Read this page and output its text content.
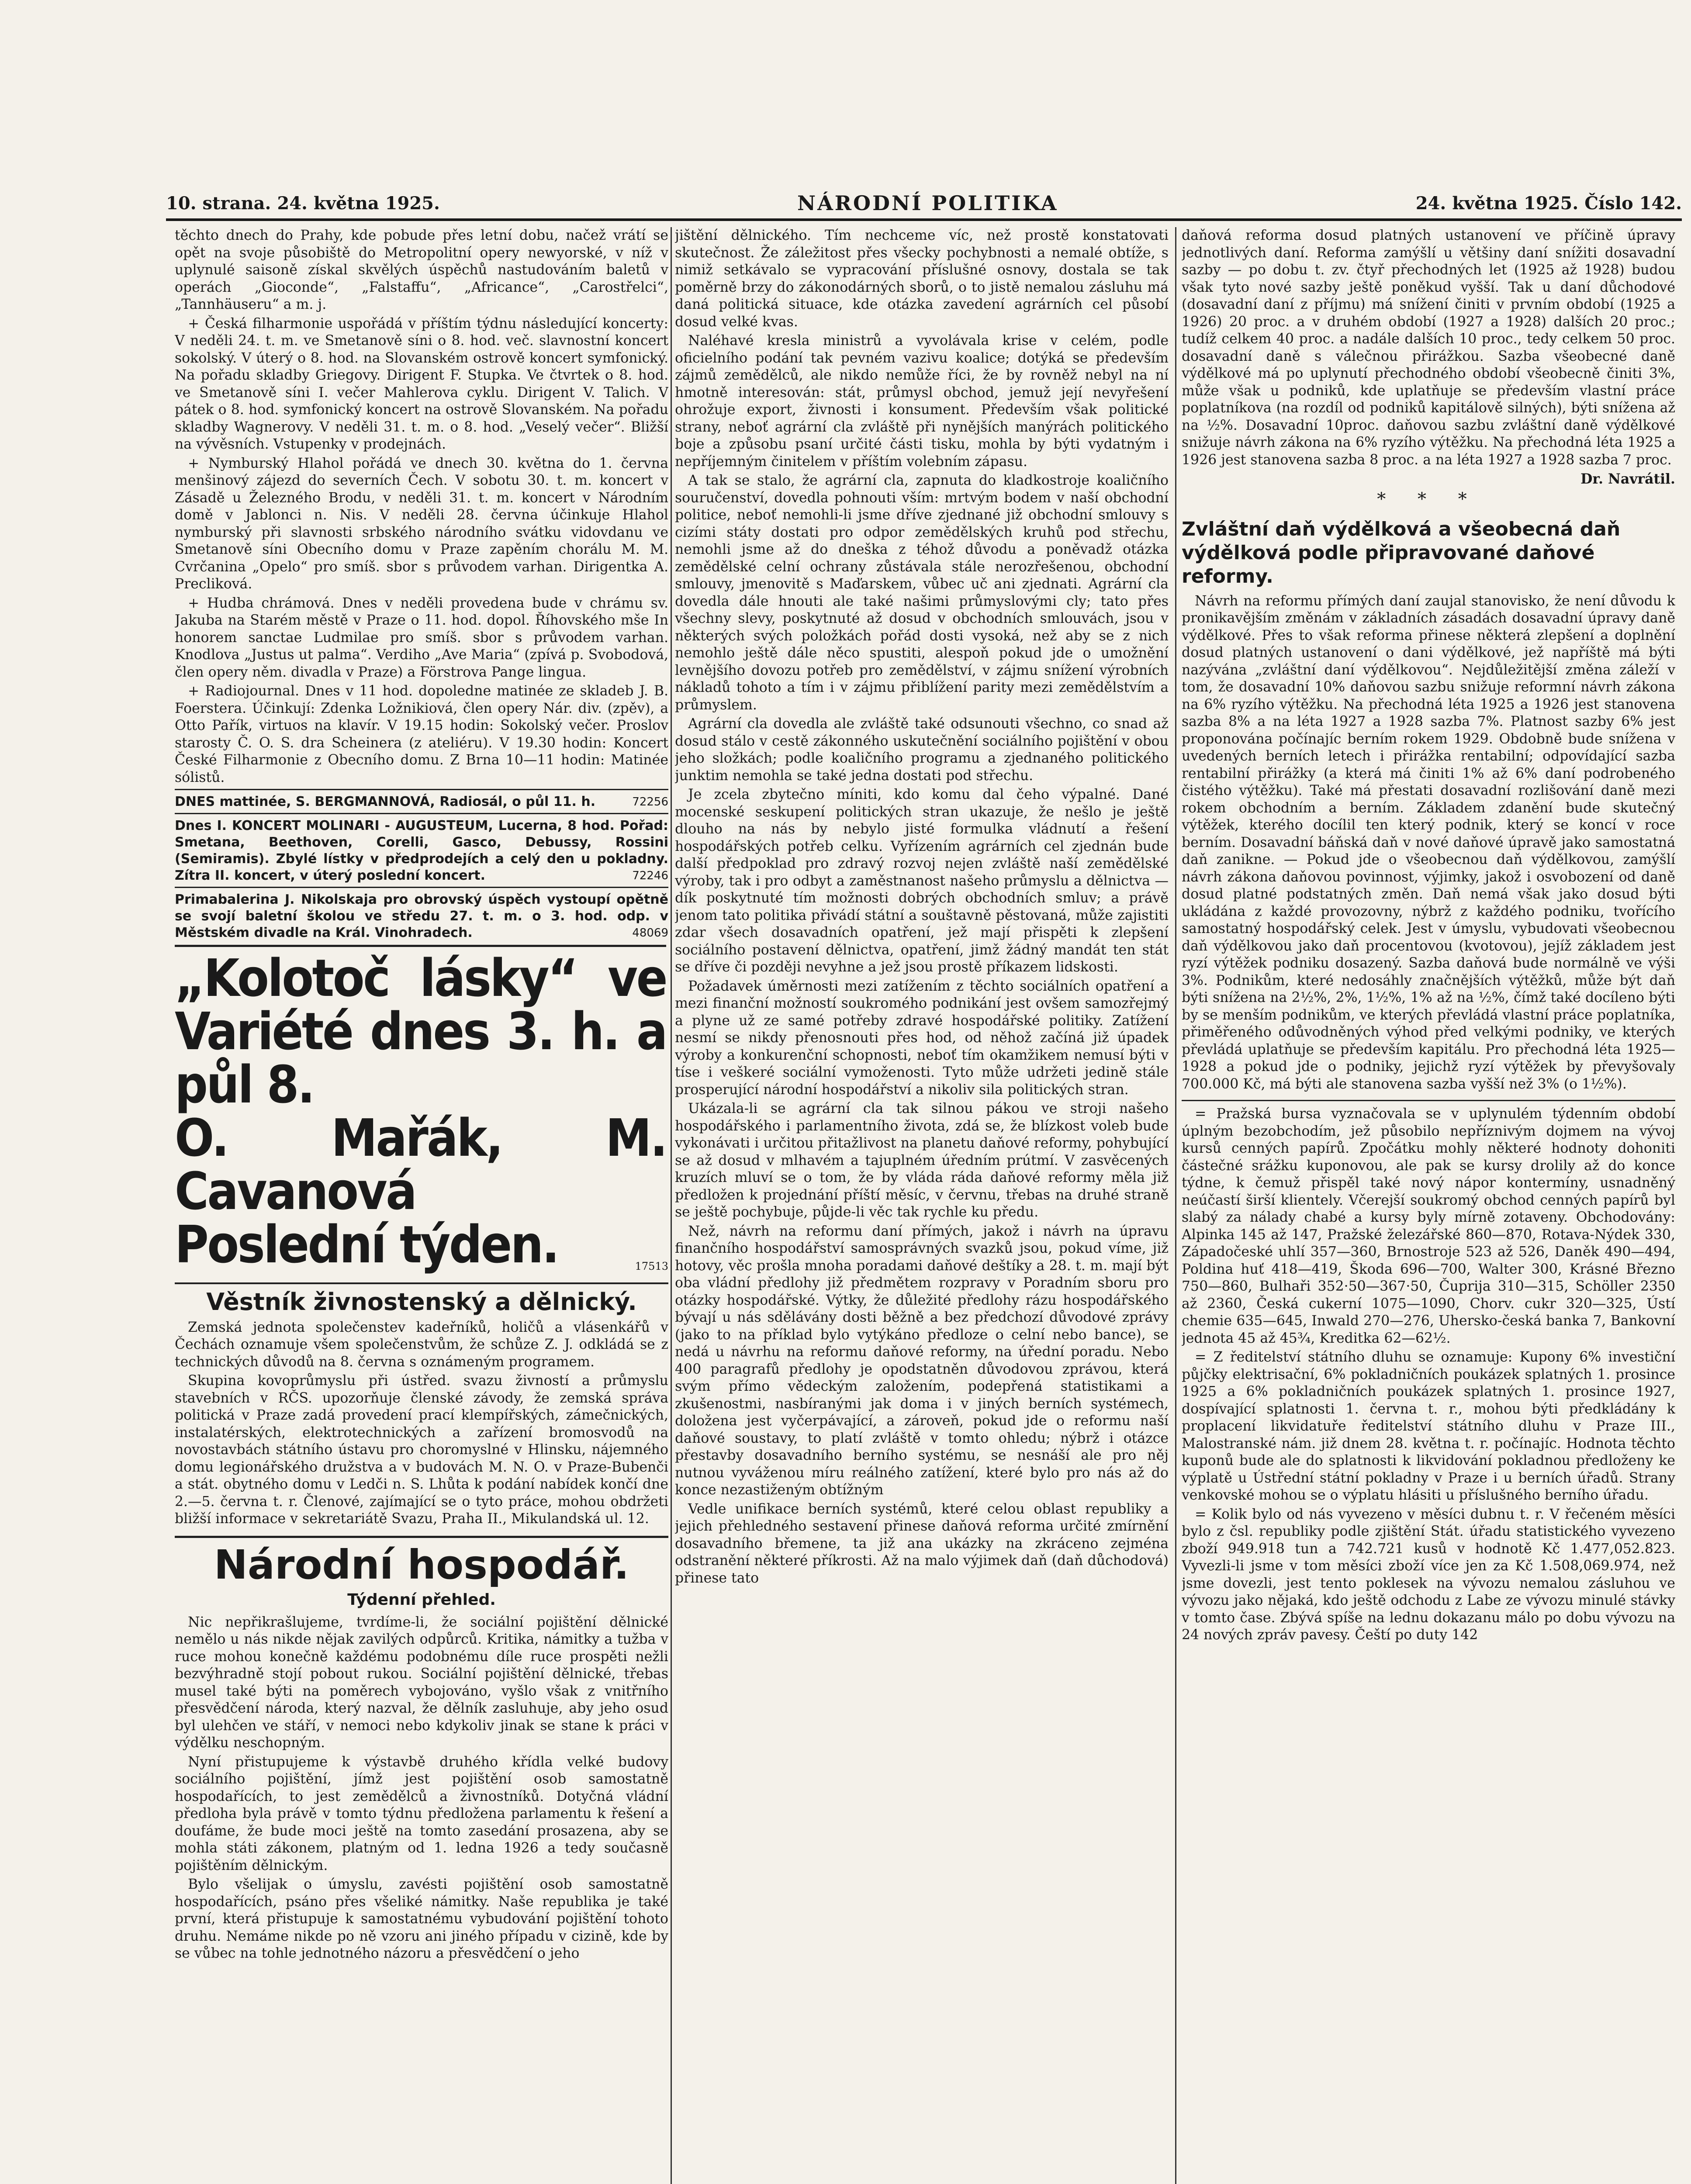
10. strana. 24. května 1925.	NÁRODNÍ POLITIKA	24. května 1925. Číslo 142.

těchto dnech do Prahy, kde pobude přes letní dobu, načež vrátí se opět na svoje působiště do Metropolitní opery newyorské, v níž v uplynulé saisoně získal skvělých úspěchů nastudováním baletů v operách „Gioconde“, „Falstaffu“, „Africance“, „Carostřelci“, „Tannhäuseru“ a m. j.

+ Česká filharmonie uspořádá v příštím týdnu následující koncerty: V neděli 24. t. m. ve Smetanově síni o 8. hod. več. slavnostní koncert sokolský. V úterý o 8. hod. na Slovanském ostrově koncert symfonický. Na pořadu skladby Griegovy. Dirigent F. Stupka. Ve čtvrtek o 8. hod. ve Smetanově síni I. večer Mahlerova cyklu. Dirigent V. Talich. V pátek o 8. hod. symfonický koncert na ostrově Slovanském. Na pořadu skladby Wagnerovy. V neděli 31. t. m. o 8. hod. „Veselý večer“. Bližší na vývěsních. Vstupenky v prodejnách.

+ Nymburský Hlahol pořádá ve dnech 30. května do 1. června menšinový zájezd do severních Čech. V sobotu 30. t. m. koncert v Zásadě u Železného Brodu, v neděli 31. t. m. koncert v Národním domě v Jablonci n. Nis. V neděli 28. června účinkuje Hlahol nymburský při slavnosti srbského národního svátku vidovdanu ve Smetanově síni Obecního domu v Praze zapěním chorálu M. M. Cvrčanina „Opelo“ pro smíš. sbor s průvodem varhan. Dirigentka A. Precliková.

+ Hudba chrámová. Dnes v neděli provedena bude v chrámu sv. Jakuba na Starém městě v Praze o 11. hod. dopol. Říhovského mše In honorem sanctae Ludmilae pro smíš. sbor s průvodem varhan. Knodlova „Justus ut palma“. Verdiho „Ave Maria“ (zpívá p. Svobodová, člen opery něm. divadla v Praze) a Förstrova Pange lingua.

+ Radiojournal. Dnes v 11 hod. dopoledne matinée ze skladeb J. B. Foerstera. Účinkují: Zdenka Ložnikiová, člen opery Nár. div. (zpěv), a Otto Pařík, virtuos na klavír. V 19.15 hodin: Sokolský večer. Proslov starosty Č. O. S. dra Scheinera (z ateliéru). V 19.30 hodin: Koncert České Filharmonie z Obecního domu. Z Brna 10—11 hodin: Matinée sólistů.

DNES mattinée, S. BERGMANNOVÁ, Radiosál, o půl 11. h.	72256

Dnes I. KONCERT MOLINARI - AUGUSTEUM, Lucerna, 8 hod. Pořad: Smetana, Beethoven, Corelli, Gasco, Debussy, Rossini (Semiramis). Zbylé lístky v předprodejích a celý den u pokladny. Zítra II. koncert, v úterý poslední koncert.	72246

Primabalerina J. Nikolskaja pro obrovský úspěch vystoupí opětně se svojí baletní školou ve středu 27. t. m. o 3. hod. odp. v Městském divadle na Král. Vinohradech.	48069

„Kolotoč lásky“ ve Variété dnes 3. h. a půl 8.
O. Mařák, M. Cavanová
Poslední týden.	17513
Věstník živnostenský a dělnický.

Zemská jednota společenstev kadeřníků, holičů a vlásenkářů v Čechách oznamuje všem společenstvům, že schůze Z. J. odkládá se z technických důvodů na 8. června s oznámeným programem.

Skupina kovoprůmyslu při ústřed. svazu živností a průmyslu stavebních v RČS. upozorňuje členské závody, že zemská správa politická v Praze zadá provedení prací klempířských, zámečnických, instalatérských, elektrotechnických a zařízení bromosvodů na novostavbách státního ústavu pro choromyslné v Hlinsku, nájemného domu legionářského družstva a v budovách M. N. O. v Praze-Bubenči a stát. obytného domu v Ledči n. S. Lhůta k podání nabídek končí dne 2.—5. června t. r. Členové, zajímající se o tyto práce, mohou obdržeti bližší informace v sekretariátě Svazu, Praha II., Mikulandská ul. 12.

Národní hospodář.
Týdenní přehled.

Nic nepřikrašlujeme, tvrdíme-li, že sociální pojištění dělnické nemělo u nás nikde nějak zavilých odpůrců. Kritika, námitky a tužba v ruce mohou konečně každému podobnému díle ruce prospěti nežli bezvýhradně stojí pobout rukou. Sociální pojištění dělnické, třebas musel také býti na poměrech vybojováno, vyšlo však z vnitřního přesvědčení národa, který nazval, že dělník zasluhuje, aby jeho osud byl ulehčen ve stáří, v nemoci nebo kdykoliv jinak se stane k práci v výdělku neschopným.

Nyní přistupujeme k výstavbě druhého křídla velké budovy sociálního pojištění, jímž jest pojištění osob samostatně hospodařících, to jest zemědělců a živnostníků. Dotyčná vládní předloha byla právě v tomto týdnu předložena parlamentu k řešení a doufáme, že bude moci ještě na tomto zasedání prosazena, aby se mohla státi zákonem, platným od 1. ledna 1926 a tedy současně pojištěním dělnickým.

Bylo všelijak o úmyslu, zavésti pojištění osob samostatně hospodařících, psáno přes všeliké námitky. Naše republika je také první, která přistupuje k samostatnému vybudování pojištění tohoto druhu. Nemáme nikde po ně vzoru ani jiného případu v cizině, kde by se vůbec na tohle jednotného názoru a přesvědčení o jeho

jištění dělnického. Tím nechceme víc, než prostě konstatovati skutečnost. Že záležitost přes všecky pochybnosti a nemalé obtíže, s nimiž setkávalo se vypracování příslušné osnovy, dostala se tak poměrně brzy do zákonodárných sborů, o to jistě nemalou zásluhu má daná politická situace, kde otázka zavedení agrárních cel působí dosud velké kvas.

Naléhavé kresla ministrů a vyvolávala krise v celém, podle oficielního podání tak pevném vazivu koalice; dotýká se především zájmů zemědělců, ale nikdo nemůže říci, že by rovněž nebyl na ní hmotně interesován: stát, průmysl obchod, jemuž její nevyřešení ohrožuje export, živnosti i konsument. Především však politické strany, neboť agrární cla zvláště při nynějších manýrách politického boje a způsobu psaní určité části tisku, mohla by býti vydatným i nepříjemným činitelem v příštím volebním zápasu.

A tak se stalo, že agrární cla, zapnuta do kladkostroje koaličního souručenství, dovedla pohnouti vším: mrtvým bodem v naší obchodní politice, neboť nemohli-li jsme dříve zjednané již obchodní smlouvy s cizími státy dostati pro odpor zemědělských kruhů pod střechu, nemohli jsme až do dneška z téhož důvodu a poněvadž otázka zemědělské celní ochrany zůstávala stále nerozřešenou, obchodní smlouvy, jmenovitě s Maďarskem, vůbec uč ani zjednati. Agrární cla dovedla dále hnouti ale také našimi průmyslovými cly; tato přes všechny slevy, poskytnuté až dosud v obchodních smlouvách, jsou v některých svých položkách pořád dosti vysoká, než aby se z nich nemohlo ještě dále něco spustiti, alespoň pokud jde o umožnění levnějšího dovozu potřeb pro zemědělství, v zájmu snížení výrobních nákladů tohoto a tím i v zájmu přiblížení parity mezi zemědělstvím a průmyslem.

Agrární cla dovedla ale zvláště také odsunouti všechno, co snad až dosud stálo v cestě zákonného uskutečnění sociálního pojištění v obou jeho složkách; podle koaličního programu a zjednaného politického junktim nemohla se také jedna dostati pod střechu.

Je zcela zbytečno míniti, kdo komu dal čeho výpalné. Dané mocenské seskupení politických stran ukazuje, že nešlo je ještě dlouho na nás by nebylo jisté formulka vládnutí a řešení hospodářských potřeb celku. Vyřízením agrárních cel zjednán bude další předpoklad pro zdravý rozvoj nejen zvláště naší zemědělské výroby, tak i pro odbyt a zaměstnanost našeho průmyslu a dělnictva — dík poskytnuté tím možnosti dobrých obchodních smluv; a právě jenom tato politika přivádí státní a souštavně pěstovaná, může zajistiti zdar všech dosavadních opatření, jež mají přispěti k zlepšení sociálního postavení dělnictva, opatření, jimž žádný mandát ten stát se dříve či později nevyhne a jež jsou prostě příkazem lidskosti.

Požadavek úměrnosti mezi zatížením z těchto sociálních opatření a mezi finanční možností soukromého podnikání jest ovšem samozřejmý a plyne už ze samé potřeby zdravé hospodářské politiky. Zatížení nesmí se nikdy přenosnouti přes hod, od něhož začíná již úpadek výroby a konkurenční schopnosti, neboť tím okamžikem nemusí býti v tíse i veškeré sociální vymoženosti. Tyto může udržeti jedině stále prosperující národní hospodářství a nikoliv sila politických stran.

Ukázala-li se agrární cla tak silnou pákou ve stroji našeho hospodářského i parlamentního života, zdá se, že blízkost voleb bude vykonávati i určitou přitažlivost na planetu daňové reformy, pohybující se až dosud v mlhavém a tajuplném úředním prútmí. V zasvěcených kruzích mluví se o tom, že by vláda ráda daňové reformy měla již předložen k projednání příští měsíc, v červnu, třebas na druhé straně se ještě pochybuje, půjde-li věc tak rychle ku předu.

Než, návrh na reformu daní přímých, jakož i návrh na úpravu finančního hospodářství samosprávných svazků jsou, pokud víme, již hotovy, věc prošla mnoha poradami daňové deštíky a 28. t. m. mají být oba vládní předlohy již předmětem rozpravy v Poradním sboru pro otázky hospodářské. Výtky, že důležité předlohy rázu hospodářského bývají u nás sdělávány dosti běžně a bez předchozí důvodové zprávy (jako to na příklad bylo vytýkáno předloze o celní nebo bance), se nedá u návrhu na reformu daňové reformy, na úřední poradu. Nebo 400 paragrafů předlohy je opodstatněn důvodovou zprávou, která svým přímo vědeckým založením, podepřená statistikami a zkušenostmi, nasbíranými jak doma i v jiných berních systémech, doložena jest vyčerpávající, a zároveň, pokud jde o reformu naší daňové soustavy, to platí zvláště v tomto ohledu; nýbrž i otázce přestavby dosavadního berního systému, se nesnáší ale pro něj nutnou vyváženou míru reálného zatížení, které bylo pro nás až do konce nezastiženým obtížným

Vedle unifikace berních systémů, které celou oblast republiky a jejich přehledného sestavení přinese daňová reforma určité zmírnění dosavadního břemene, ta již ana ukázky na zkráceno zejména odstranění některé příkrosti. Až na malo výjimek daň (daň důchodová) přinese tato

daňová reforma dosud platných ustanovení ve příčině úpravy jednotlivých daní. Reforma zamýšlí u většiny daní snížiti dosavadní sazby — po dobu t. zv. čtyř přechodných let (1925 až 1928) budou však tyto nové sazby ještě poněkud vyšší. Tak u daní důchodové (dosavadní daní z příjmu) má snížení činiti v prvním období (1925 a 1926) 20 proc. a v druhém období (1927 a 1928) dalších 20 proc.; tudíž celkem 40 proc. a nadále dalších 10 proc., tedy celkem 50 proc. dosavadní daně s válečnou přirážkou. Sazba všeobecné daně výdělkové má po uplynutí přechodného období všeobecně činiti 3%, může však u podniků, kde uplatňuje se především vlastní práce poplatníkova (na rozdíl od podniků kapitálově silných), býti snížena až na ½%. Dosavadní 10proc. daňovou sazbu zvláštní daně výdělkové snižuje návrh zákona na 6% ryzího výtěžku. Na přechodná léta 1925 a 1926 jest stanovena sazba 8 proc. a na léta 1927 a 1928 sazba 7 proc.

Dr. Navrátil.
* * *
Zvláštní daň výdělková a všeobecná daň výdělková podle připravované daňové reformy.

Návrh na reformu přímých daní zaujal stanovisko, že není důvodu k pronikavějším změnám v základních zásadách dosavadní úpravy daně výdělkové. Přes to však reforma přinese některá zlepšení a doplnění dosud platných ustanovení o dani výdělkové, jež napříště má býti nazývána „zvláštní daní výdělkovou“. Nejdůležitější změna záleží v tom, že dosavadní 10% daňovou sazbu snižuje reformní návrh zákona na 6% ryzího výtěžku. Na přechodná léta 1925 a 1926 jest stanovena sazba 8% a na léta 1927 a 1928 sazba 7%. Platnost sazby 6% jest proponována počínajíc berním rokem 1929. Obdobně bude snížena v uvedených berních letech i přirážka rentabilní; odpovídající sazba rentabilní přirážky (a která má činiti 1% až 6% daní podrobeného čistého výtěžku). Také má přestati dosavadní rozlišování daně mezi rokem obchodním a berním. Základem zdanění bude skutečný výtěžek, kterého docílil ten který podnik, který se koncí v roce berním. Dosavadní báňská daň v nové daňové úpravě jako samostatná daň zanikne. — Pokud jde o všeobecnou daň výdělkovou, zamýšlí návrh zákona daňovou povinnost, výjimky, jakož i osvobození od daně dosud platné podstatných změn. Daň nemá však jako dosud býti ukládána z každé provozovny, nýbrž z každého podniku, tvořícího samostatný hospodářský celek. Jest v úmyslu, vybudovati všeobecnou daň výdělkovou jako daň procentovou (kvotovou), jejíž základem jest ryzí výtěžek podniku dosazený. Sazba daňová bude normálně ve výši 3%. Podnikům, které nedosáhly značnějších výtěžků, může být daň býti snížena na 2½%, 2%, 1½%, 1% až na ½%, čímž také docíleno býti by se menším podnikům, ve kterých převládá vlastní práce poplatníka, přiměřeného odůvodněných výhod před velkými podniky, ve kterých převládá uplatňuje se především kapitálu. Pro přechodná léta 1925—1928 a pokud jde o podniky, jejichž ryzí výtěžek by převyšovaly 700.000 Kč, má býti ale stanovena sazba vyšší než 3% (o 1½%).

= Pražská bursa vyznačovala se v uplynulém týdenním období úplným bezobchodím, jež působilo nepříznivým dojmem na vývoj kursů cenných papírů. Zpočátku mohly některé hodnoty dohoniti částečné srážku kuponovou, ale pak se kursy drolily až do konce týdne, k čemuž přispěl také nový nápor kontermíny, usnadněný neúčastí širší klientely. Včerejší soukromý obchod cenných papírů byl slabý za nálady chabé a kursy byly mírně zotaveny. Obchodovány: Alpinka 145 až 147, Pražské železářské 860—870, Rotava-Nýdek 330, Západočeské uhlí 357—360, Brnostroje 523 až 526, Daněk 490—494, Poldina huť 418—419, Škoda 696—700, Walter 300, Krásné Březno 750—860, Bulhaři 352·50—367·50, Čuprija 310—315, Schöller 2350 až 2360, Česká cukerní 1075—1090, Chorv. cukr 320—325, Ústí chemie 635—645, Inwald 270—276, Uhersko-česká banka 7, Bankovní jednota 45 až 45¾, Kreditka 62—62½.

= Z ředitelství státního dluhu se oznamuje: Kupony 6% investiční půjčky elektrisační, 6% pokladničních poukázek splatných 1. prosince 1925 a 6% pokladničních poukázek splatných 1. prosince 1927, dospívající splatnosti 1. června t. r., mohou býti předkládány k proplacení likvidatuře ředitelství státního dluhu v Praze III., Malostranské nám. již dnem 28. května t. r. počínajíc. Hodnota těchto kuponů bude ale do splatnosti k likvidování pokladnou předloženy ke výplatě u Ústřední státní pokladny v Praze i u berních úřadů. Strany venkovské mohou se o výplatu hlásiti u příslušného berního úřadu.

= Kolik bylo od nás vyvezeno v měsíci dubnu t. r. V řečeném měsíci bylo z čsl. republiky podle zjištění Stát. úřadu statistického vyvezeno zboží 949.918 tun a 742.721 kusů v hodnotě Kč 1.477,052.823. Vyvezli-li jsme v tom měsíci zboží více jen za Kč 1.508,069.974, než jsme dovezli, jest tento poklesek na vývozu nemalou zásluhou ve vývozu jako nějaká, kdo ještě odchodu z Labe ze vývozu minulé stávky v tomto čase. Zbývá spíše na lednu dokazanu málo po dobu vývozu na 24 nových zpráv pavesy. Čeští po duty 142
